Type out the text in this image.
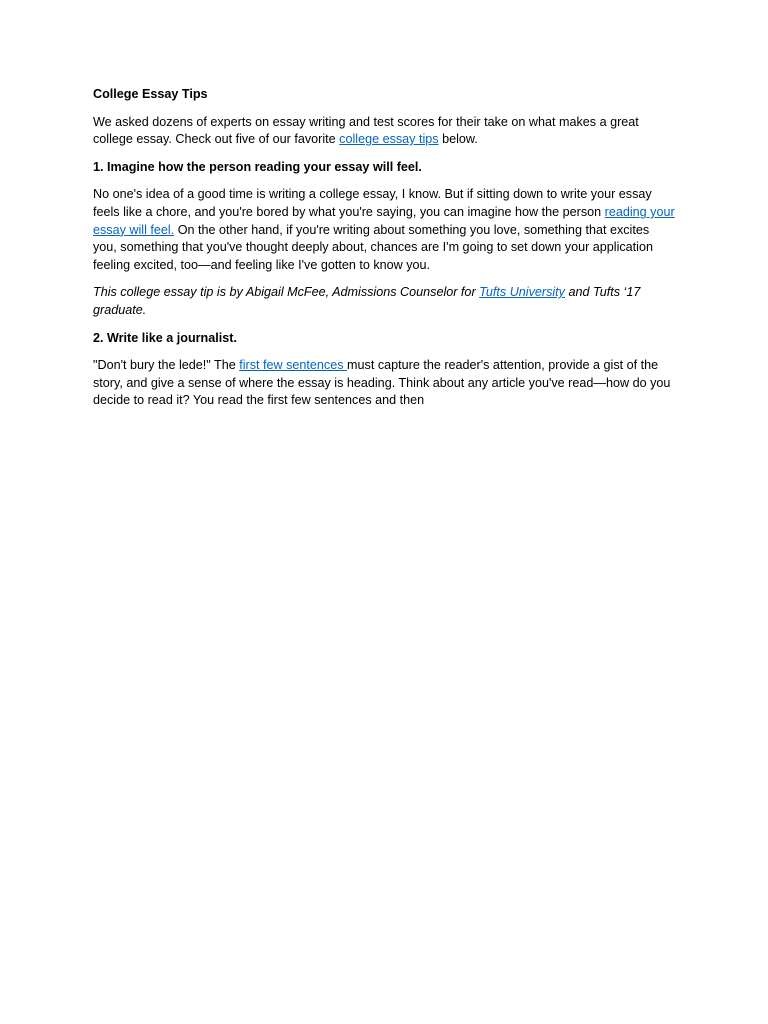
College Essay Tips

We asked dozens of experts on essay writing and test scores for their take on what makes a great college essay. Check out five of our favorite college essay tips below.

1. Imagine how the person reading your essay will feel.

No one's idea of a good time is writing a college essay, I know. But if sitting down to write your essay feels like a chore, and you're bored by what you're saying, you can imagine how the person reading your essay will feel. On the other hand, if you're writing about something you love, something that excites you, something that you've thought deeply about, chances are I'm going to set down your application feeling excited, too—and feeling like I've gotten to know you.

This college essay tip is by Abigail McFee, Admissions Counselor for Tufts University and Tufts ‘17 graduate.

2. Write like a journalist.

"Don't bury the lede!" The first few sentences must capture the reader's attention, provide a gist of the story, and give a sense of where the essay is heading. Think about any article you've read—how do you decide to read it? You read the first few sentences and then
